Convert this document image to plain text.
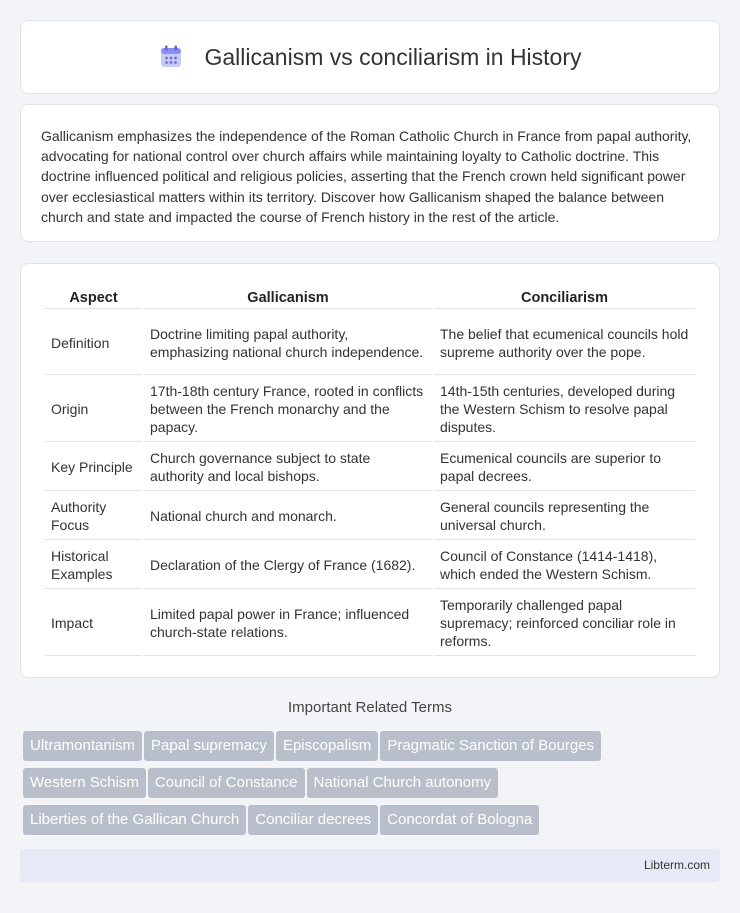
Gallicanism vs conciliarism in History

Gallicanism emphasizes the independence of the Roman Catholic Church in France from papal authority, advocating for national control over church affairs while maintaining loyalty to Catholic doctrine. This doctrine influenced political and religious policies, asserting that the French crown held significant power over ecclesiastical matters within its territory. Discover how Gallicanism shaped the balance between church and state and impacted the course of French history in the rest of the article.

Aspect	Gallicanism	Conciliarism
Definition	Doctrine limiting papal authority, emphasizing national church independence.	The belief that ecumenical councils hold supreme authority over the pope.
Origin	17th-18th century France, rooted in conflicts between the French monarchy and the papacy.	14th-15th centuries, developed during the Western Schism to resolve papal disputes.
Key Principle	Church governance subject to state authority and local bishops.	Ecumenical councils are superior to papal decrees.
Authority Focus	National church and monarch.	General councils representing the universal church.
Historical Examples	Declaration of the Clergy of France (1682).	Council of Constance (1414-1418), which ended the Western Schism.
Impact	Limited papal power in France; influenced church-state relations.	Temporarily challenged papal supremacy; reinforced conciliar role in reforms.
Important Related Terms
Ultramontanism Papal supremacy Episcopalism Pragmatic Sanction of Bourges
Western Schism Council of Constance National Church autonomy
Liberties of the Gallican Church Conciliar decrees Concordat of Bologna
Libterm.com
